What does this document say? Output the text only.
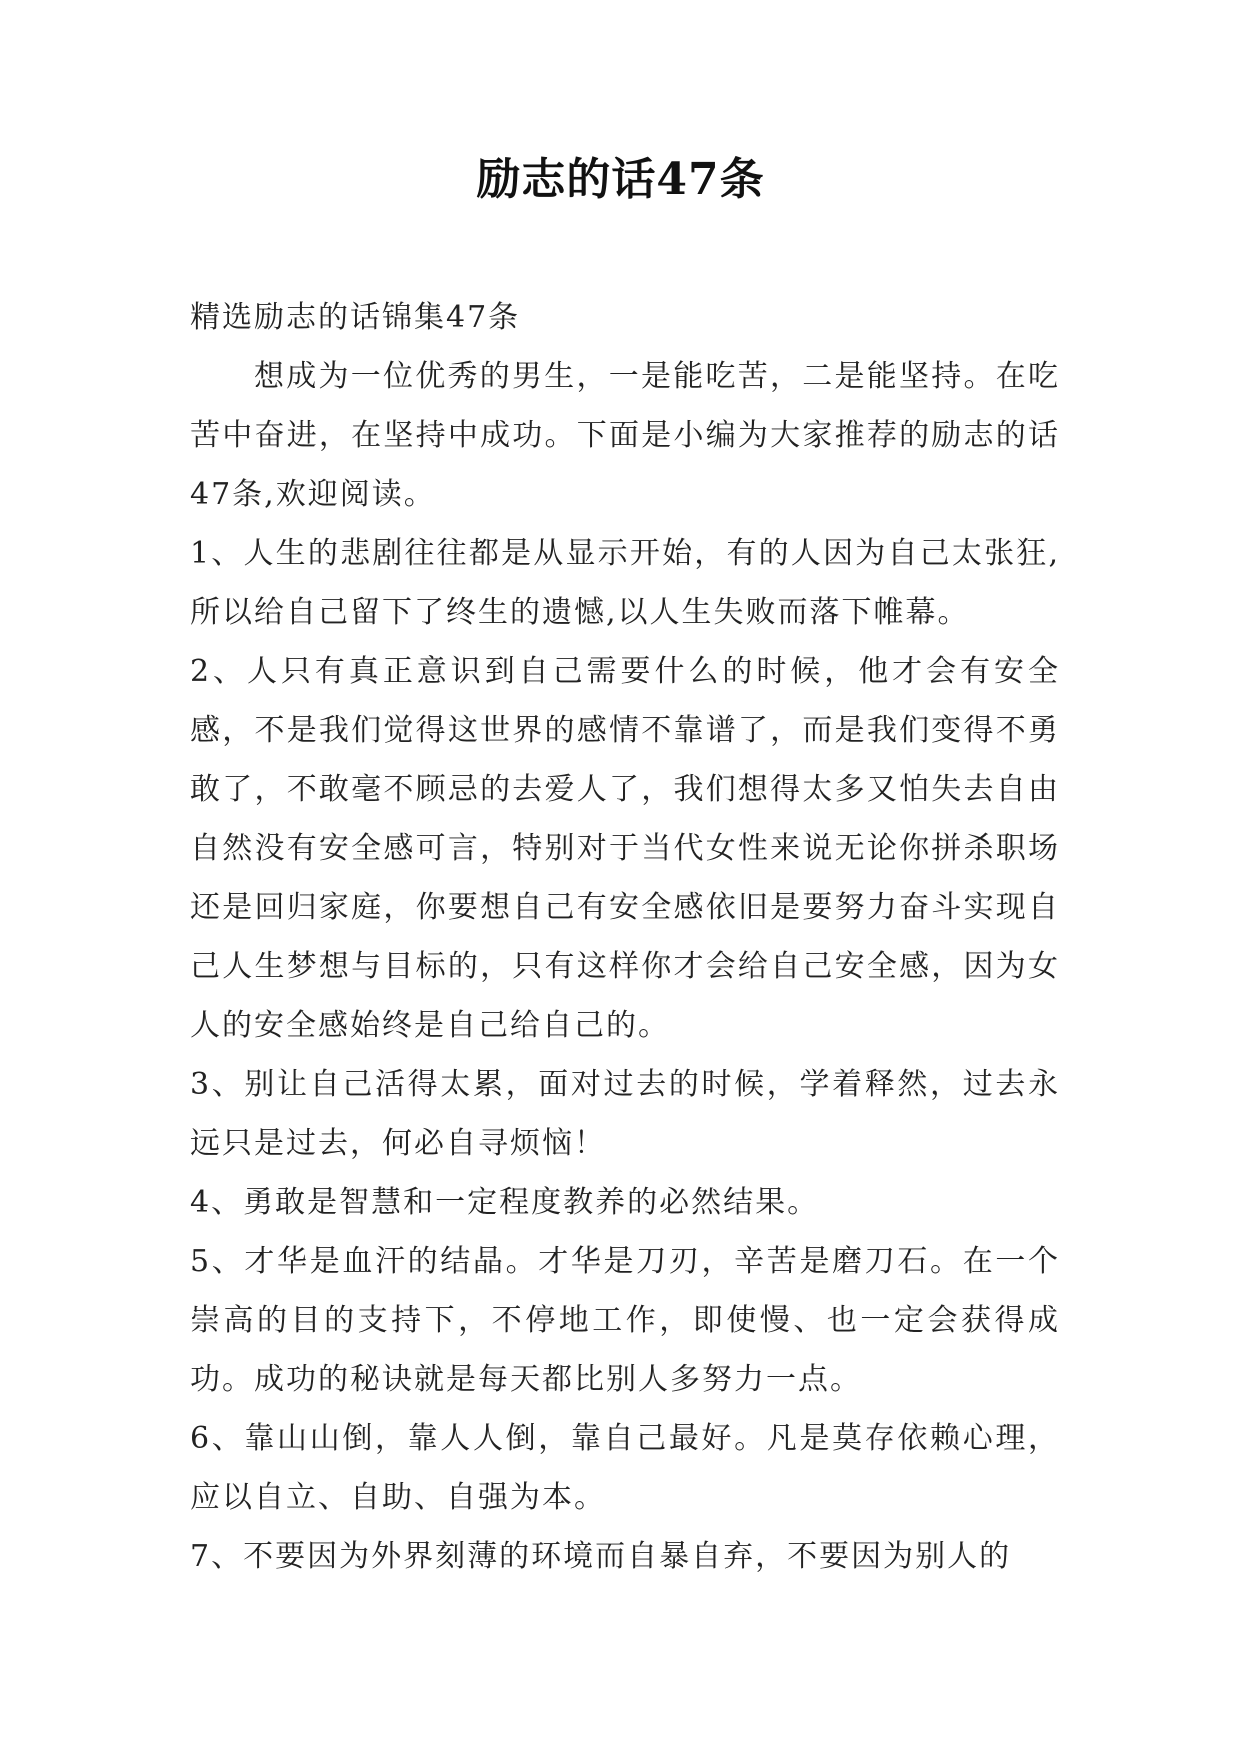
励志的话47条

精选励志的话锦集47条

想成为一位优秀的男生，一是能吃苦，二是能坚持。在吃苦中奋进，在坚持中成功。下面是小编为大家推荐的励志的话47条,欢迎阅读。

1、人生的悲剧往往都是从显示开始，有的人因为自己太张狂,所以给自己留下了终生的遗憾,以人生失败而落下帷幕。

2、人只有真正意识到自己需要什么的时候，他才会有安全感，不是我们觉得这世界的感情不靠谱了，而是我们变得不勇敢了，不敢毫不顾忌的去爱人了，我们想得太多又怕失去自由自然没有安全感可言，特别对于当代女性来说无论你拼杀职场还是回归家庭，你要想自己有安全感依旧是要努力奋斗实现自己人生梦想与目标的，只有这样你才会给自己安全感，因为女人的安全感始终是自己给自己的。

3、别让自己活得太累，面对过去的时候，学着释然，过去永远只是过去，何必自寻烦恼！

4、勇敢是智慧和一定程度教养的必然结果。

5、才华是血汗的结晶。才华是刀刃，辛苦是磨刀石。在一个崇高的目的支持下，不停地工作，即使慢、也一定会获得成功。成功的秘诀就是每天都比别人多努力一点。

6、靠山山倒，靠人人倒，靠自己最好。凡是莫存依赖心理，应以自立、自助、自强为本。

7、不要因为外界刻薄的环境而自暴自弃，不要因为别人的
